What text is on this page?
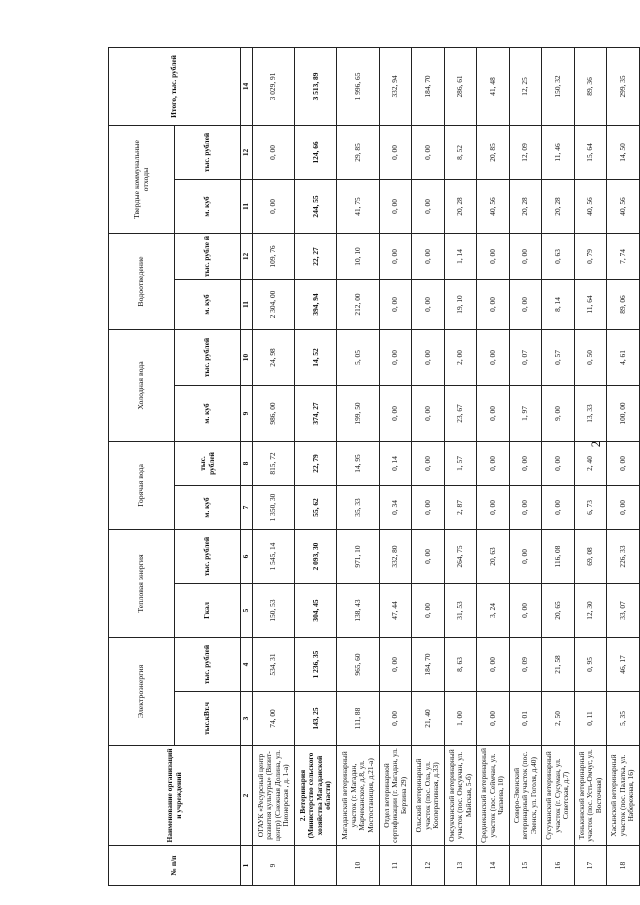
2
№ п/п	Наименование организаций и учреждений	Электроэнергия		Тепловая энергия		Горячая вода		Холодная вода		Водоотведение		Твердые коммунальные отходы		Итого, тыс. рублей
		тыс.кВт.ч	тыс. рублей	Гкал	тыс. рублей	м. куб	тыс. рублей	м. куб	тыс. рублей	м. куб	тыс. рубле й	м. куб	тыс. рублей	
1	2	3	4	5	6	7	8	9	10	11	12	11	12	14
9	ОГАУК «Ресурсный центр развития культуры» (Визит-центр) (Снежная Долина, ул. Пионерская , д. 1-а)	74, 00	534, 31	150, 53	1 545, 14	1 350, 30	815, 72	986, 00	24, 98	2 304, 00	109, 76	0, 00	0, 00	3 029, 91
	2. Ветеринария (Министерство сельского хозяйства Магаданской области)	143, 25	1 236, 35	304, 45	2 093, 30	55, 62	22, 79	374, 27	14, 52	394, 94	22, 27	244, 55	124, 66	3 513, 89
10	Магаданский ветеринарный участок (г. Магадан, Марчеканское, д.8, ул. Мостостаниция, д.21-а)	111, 88	965, 60	138, 43	971, 10	35, 33	14, 95	199, 50	5, 05	212, 00	10, 10	41, 75	29, 85	1 996, 65
11	Отдел ветеринарной сертификации (г. Магадан, ул. Берзина 29)	0, 00	0, 00	47, 44	332, 80	0, 34	0, 14	0, 00	0, 00	0, 00	0, 00	0, 00	0, 00	332, 94
12	Ольский ветеринарный участок (пос. Ола, ул. Кооперативная, д.33)	21, 40	184, 70	0, 00	0, 00	0, 00	0, 00	0, 00	0, 00	0, 00	0, 00	0, 00	0, 00	184, 70
13	Омсукчанский ветеринарный участок (пос. Омсукчан, ул. Майская, 5-б)	1, 00	8, 63	31, 53	264, 75	2, 87	1, 57	23, 67	2, 00	19, 10	1, 14	20, 28	8, 52	286, 61
14	Среднеканский ветеринарный участок (пос. Сеймчан, ул. Чапаева, 10)	0, 00	0, 00	3, 24	20, 63	0, 00	0, 00	0, 00	0, 00	0, 00	0, 00	40, 56	20, 85	41, 48
15	Северо-Эвенский ветеринарный участок (пос. Эвенск, ул. Гоголя, д.40)	0, 01	0, 09	0, 00	0, 00	0, 00	0, 00	1, 97	0, 07	0, 00	0, 00	20, 28	12, 09	12, 25
16	Сусуманский ветеринарный участок (г. Сусуман, ул. Советская, д.7)	2, 50	21, 58	20, 65	116, 08	0, 00	0, 00	9, 00	0, 57	8, 14	0, 63	20, 28	11, 46	150, 32
17	Тенькинский ветеринарный участок (пос. Усть-Омчуг, ул. Восточная)	0, 11	0, 95	12, 30	69, 08	6, 73	2, 40	13, 33	0, 50	11, 64	0, 79	40, 56	15, 64	89, 36
18	Хасынский ветеринарный участок (пос. Палатка, ул. Набережная, 16)	5, 35	46, 17	33, 07	226, 33	0, 00	0, 00	100, 00	4, 61	89, 06	7, 74	40, 56	14, 50	299, 35
